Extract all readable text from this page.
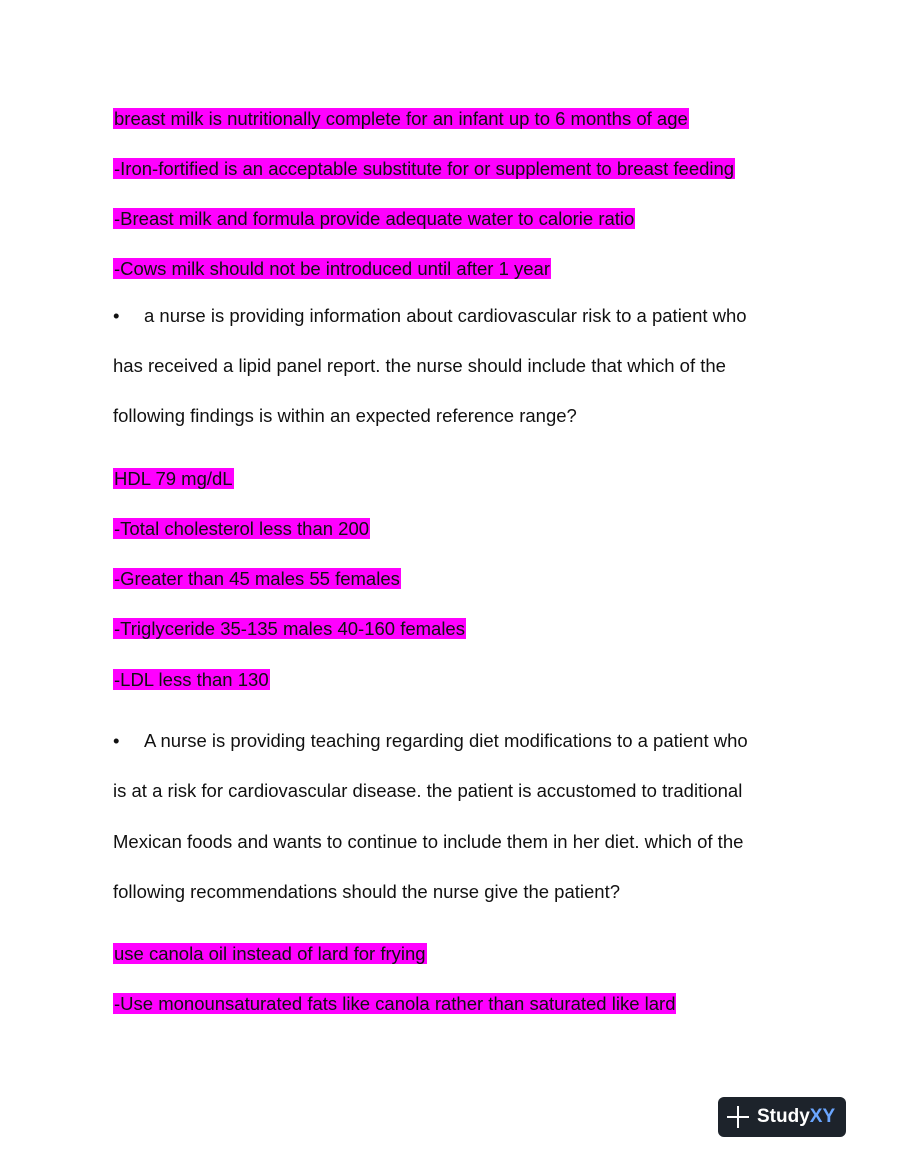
breast milk is nutritionally complete for an infant up to 6 months of age
-Iron-fortified is an acceptable substitute for or supplement to breast feeding
-Breast milk and formula provide adequate water to calorie ratio
-Cows milk should not be introduced until after 1 year
• a nurse is providing information about cardiovascular risk to a patient who
has received a lipid panel report. the nurse should include that which of the
following findings is within an expected reference range?
HDL 79 mg/dL
-Total cholesterol less than 200
-Greater than 45 males 55 females
-Triglyceride 35-135 males 40-160 females
-LDL less than 130
• A nurse is providing teaching regarding diet modifications to a patient who
is at a risk for cardiovascular disease. the patient is accustomed to traditional
Mexican foods and wants to continue to include them in her diet. which of the
following recommendations should the nurse give the patient?
use canola oil instead of lard for frying
-Use monounsaturated fats like canola rather than saturated like lard
StudyXY
